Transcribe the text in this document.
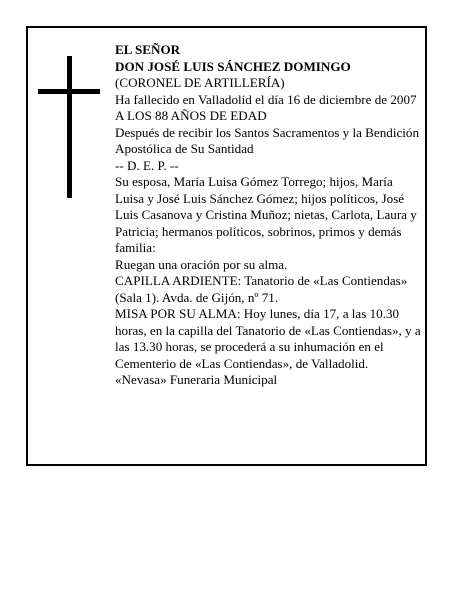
EL SEÑOR
DON JOSÉ LUIS SÁNCHEZ DOMINGO
(CORONEL DE ARTILLERÍA)
Ha fallecido en Valladolid el día 16 de diciembre de 2007
A LOS 88 AÑOS DE EDAD
Después de recibir los Santos Sacramentos y la Bendición Apostólica de Su Santidad
-- D. E. P. --
Su esposa, María Luisa Gómez Torrego; hijos, María Luisa y José Luis Sánchez Gómez; hijos políticos, José Luis Casanova y Cristina Muñoz; nietas, Carlota, Laura y Patricia; hermanos políticos, sobrinos, primos y demás familia:
Ruegan una oración por su alma.
CAPILLA ARDIENTE: Tanatorio de «Las Contiendas» (Sala 1). Avda. de Gijón, nº 71.
MISA POR SU ALMA: Hoy lunes, día 17, a las 10.30 horas, en la capilla del Tanatorio de «Las Contiendas», y a las 13.30 horas, se procederá a su inhumación en el Cementerio de «Las Contiendas», de Valladolid.
«Nevasa» Funeraria Municipal
